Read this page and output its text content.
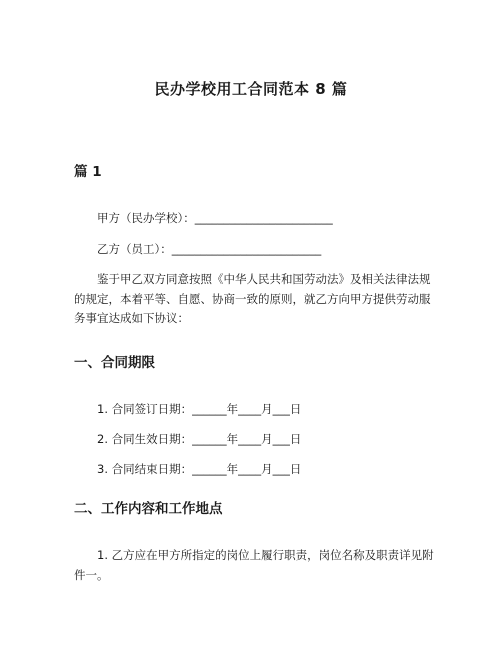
民办学校用工合同范本 8 篇
篇 1
甲方（民办学校）：________________________
乙方（员工）：__________________________
鉴于甲乙双方同意按照《中华人民共和国劳动法》及相关法律法规的规定，本着平等、自愿、协商一致的原则，就乙方向甲方提供劳动服务事宜达成如下协议：
一、合同期限
1. 合同签订日期：______年____月___日
2. 合同生效日期：______年____月___日
3. 合同结束日期：______年____月___日
二、工作内容和工作地点
1. 乙方应在甲方所指定的岗位上履行职责，岗位名称及职责详见附件一。
